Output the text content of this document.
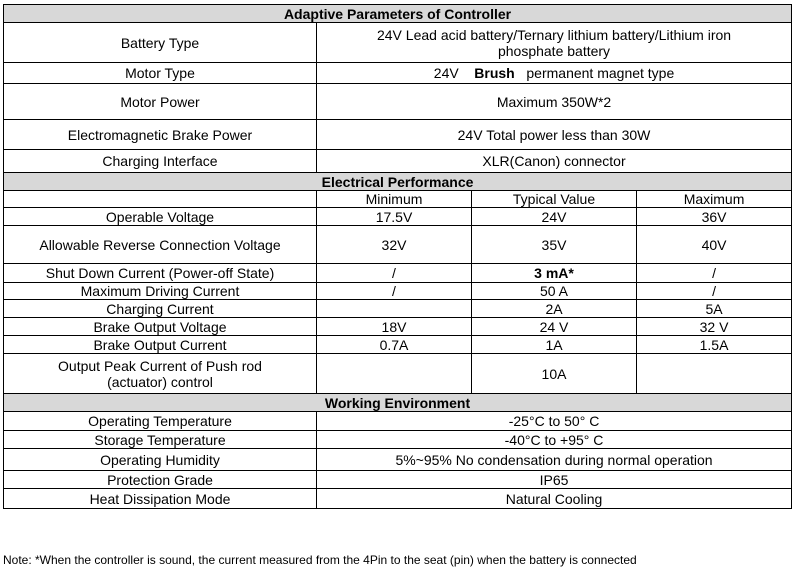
Adaptive Parameters of Controller			
Battery Type	24V Lead acid battery/Ternary lithium battery/Lithium iron phosphate battery		
Motor Type	24V Brush permanent magnet type		
Motor Power	Maximum 350W*2		
Electromagnetic Brake Power	24V Total power less than 30W		
Charging Interface	XLR(Canon) connector		
Electrical Performance			
	Minimum	Typical Value	Maximum
Operable Voltage	17.5V	24V	36V
Allowable Reverse Connection Voltage	32V	35V	40V
Shut Down Current (Power-off State)	/	3 mA*	/
Maximum Driving Current	/	50 A	/
Charging Current		2A	5A
Brake Output Voltage	18V	24 V	32 V
Brake Output Current	0.7A	1A	1.5A
Output Peak Current of Push rod (actuator) control		10A	
Working Environment			
Operating Temperature	-25°C to 50° C		
Storage Temperature	-40°C to +95° C		
Operating Humidity	5%~95% No condensation during normal operation		
Protection Grade	IP65		
Heat Dissipation Mode	Natural Cooling		
Note: *When the controller is sound, the current measured from the 4Pin to the seat (pin) when the battery is connected
